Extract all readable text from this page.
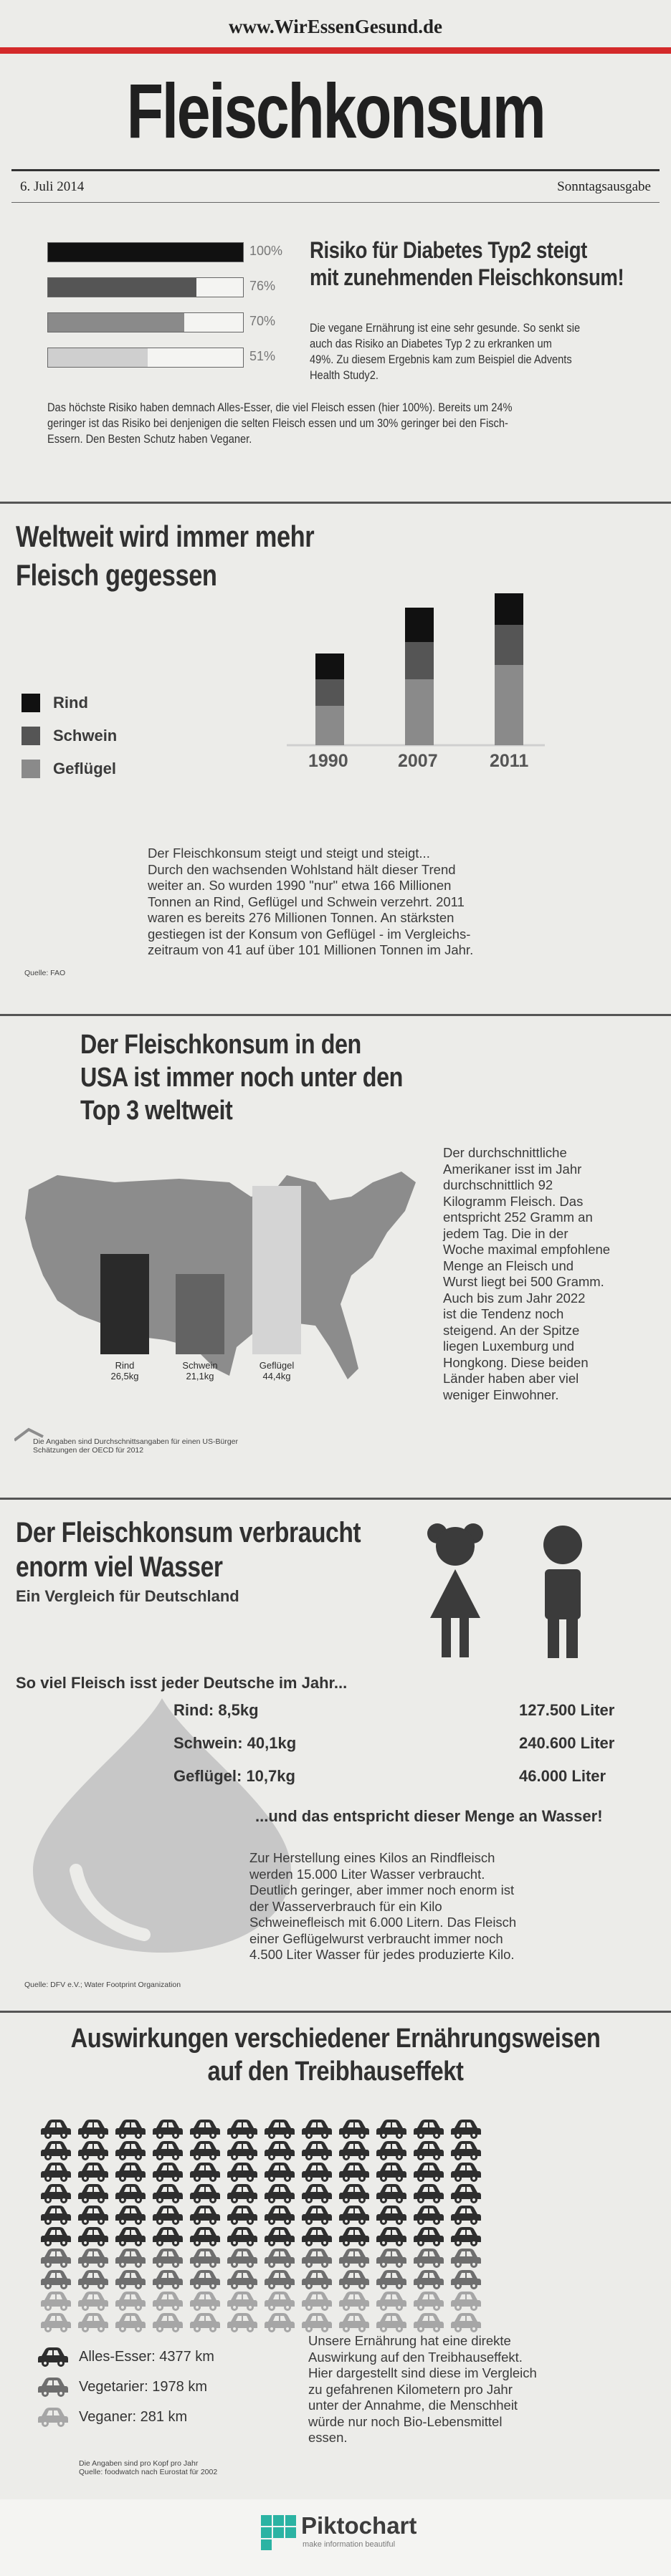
www.WirEssenGesund.de
Fleischkonsum
6. Juli 2014	Sonntagsausgabe
Risiko für Diabetes Typ2 steigt
mit zunehmenden Fleischkonsum!
Die vegane Ernährung ist eine sehr gesunde. So senkt sie
auch das Risiko an Diabetes Typ 2 zu erkranken um
49%. Zu diesem Ergebnis kam zum Beispiel die Advents
Health Study2.
Das höchste Risiko haben demnach Alles-Esser, die viel Fleisch essen (hier 100%). Bereits um 24%
geringer ist das Risiko bei denjenigen die selten Fleisch essen und um 30% geringer bei den Fisch-
Essern. Den Besten Schutz haben Veganer.
Weltweit wird immer mehr
Fleisch gegessen
Rind
Schwein
Geflügel	1990	2007	2011
Der Fleischkonsum steigt und steigt und steigt...
Durch den wachsenden Wohlstand hält dieser Trend
weiter an. So wurden 1990 "nur" etwa 166 Millionen
Tonnen an Rind, Geflügel und Schwein verzehrt. 2011
waren es bereits 276 Millionen Tonnen. An stärksten
gestiegen ist der Konsum von Geflügel - im Vergleichs-
zeitraum von 41 auf über 101 Millionen Tonnen im Jahr.
Quelle: FAO
Der Fleischkonsum in den
USA ist immer noch unter den
Top 3 weltweit
Der durchschnittliche
Amerikaner isst im Jahr
durchschnittlich 92
Kilogramm Fleisch. Das
entspricht 252 Gramm an
jedem Tag. Die in der
Woche maximal empfohlene
Menge an Fleisch und
Wurst liegt bei 500 Gramm.
Auch bis zum Jahr 2022
ist die Tendenz noch
steigend. An der Spitze
liegen Luxemburg und
Hongkong. Diese beiden
Länder haben aber viel
weniger Einwohner.
Die Angaben sind Durchschnittsangaben für einen US-Bürger
Schätzungen der OECD für 2012
Der Fleischkonsum verbraucht
enorm viel Wasser
Ein Vergleich für Deutschland
So viel Fleisch isst jeder Deutsche im Jahr...
...und das entspricht dieser Menge an Wasser!
Zur Herstellung eines Kilos an Rindfleisch
werden 15.000 Liter Wasser verbraucht.
Deutlich geringer, aber immer noch enorm ist
der Wasserverbrauch für ein Kilo
Schweinefleisch mit 6.000 Litern. Das Fleisch
einer Geflügelwurst verbraucht immer noch
4.500 Liter Wasser für jedes produzierte Kilo.
Quelle: DFV e.V.; Water Footprint Organization
Auswirkungen verschiedener Ernährungsweisen
auf den Treibhauseffekt
Unsere Ernährung hat eine direkte
Auswirkung auf den Treibhauseffekt.
Hier dargestellt sind diese im Vergleich
zu gefahrenen Kilometern pro Jahr
unter der Annahme, die Menschheit
würde nur noch Bio-Lebensmittel
essen.
Die Angaben sind pro Kopf pro Jahr
Quelle: foodwatch nach Eurostat für 2002
Piktochart
make information beautiful
100%
76%
70%
51%
Rind
26,5kg
Schwein
21,1kg
Geflügel
44,4kg
Rind: 8,5kg	127.500 Liter
Schwein: 40,1kg	240.600 Liter
Geflügel: 10,7kg	46.000 Liter
Alles-Esser: 4377 km
Vegetarier: 1978 km
Veganer: 281 km
